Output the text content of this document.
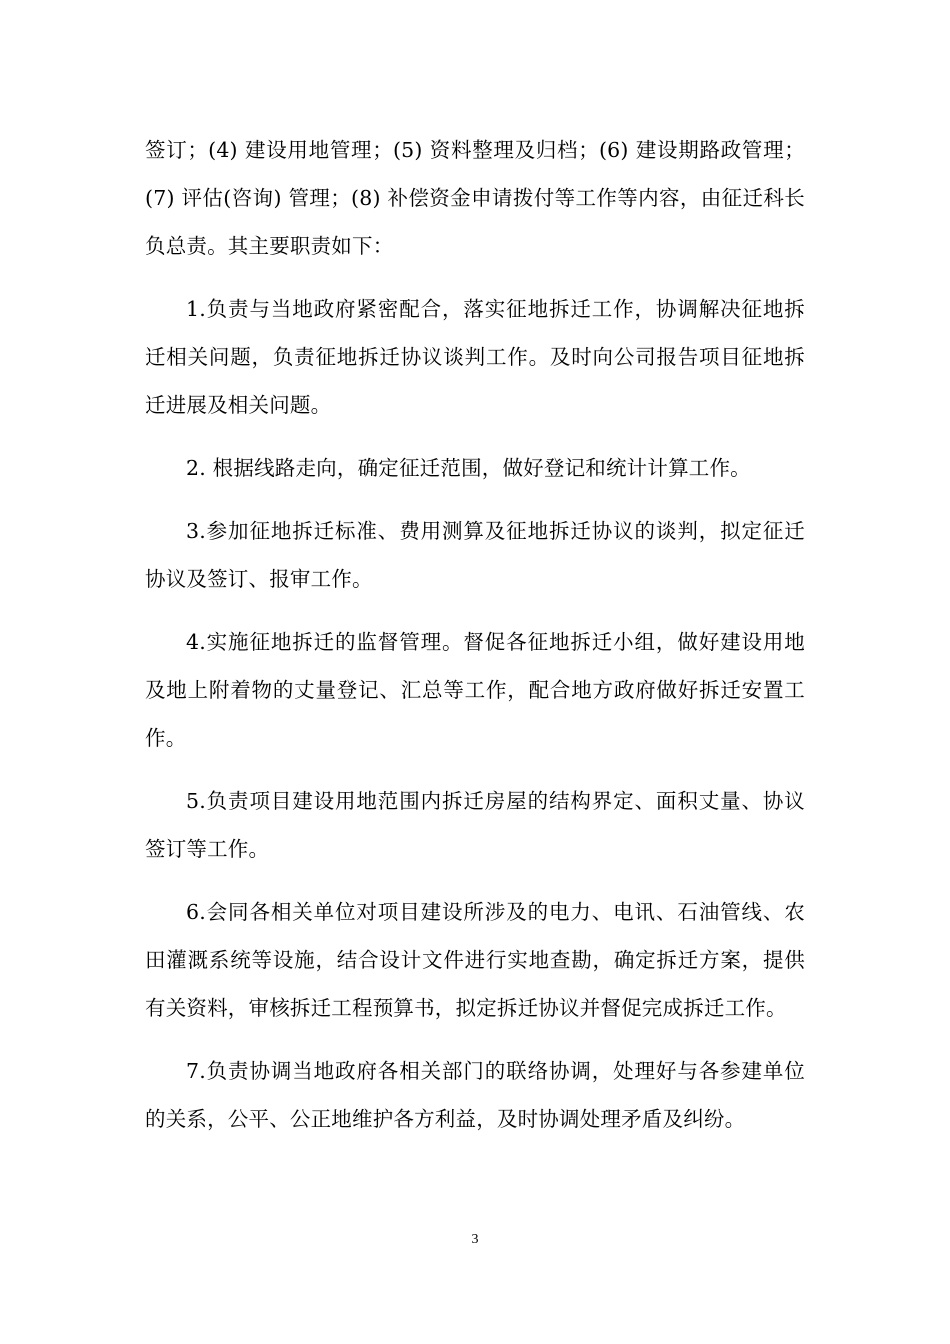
签订；(4) 建设用地管理；(5) 资料整理及归档；(6) 建设期路政管理；(7) 评估(咨询) 管理；(8) 补偿资金申请拨付等工作等内容，由征迁科长负总责。其主要职责如下：

1.负责与当地政府紧密配合，落实征地拆迁工作，协调解决征地拆迁相关问题，负责征地拆迁协议谈判工作。及时向公司报告项目征地拆迁进展及相关问题。

2. 根据线路走向，确定征迁范围，做好登记和统计计算工作。

3.参加征地拆迁标准、费用测算及征地拆迁协议的谈判，拟定征迁协议及签订、报审工作。

4.实施征地拆迁的监督管理。督促各征地拆迁小组，做好建设用地及地上附着物的丈量登记、汇总等工作，配合地方政府做好拆迁安置工作。

5.负责项目建设用地范围内拆迁房屋的结构界定、面积丈量、协议签订等工作。

6.会同各相关单位对项目建设所涉及的电力、电讯、石油管线、农田灌溉系统等设施，结合设计文件进行实地查勘，确定拆迁方案，提供有关资料，审核拆迁工程预算书，拟定拆迁协议并督促完成拆迁工作。

7.负责协调当地政府各相关部门的联络协调，处理好与各参建单位的关系，公平、公正地维护各方利益，及时协调处理矛盾及纠纷。

3
